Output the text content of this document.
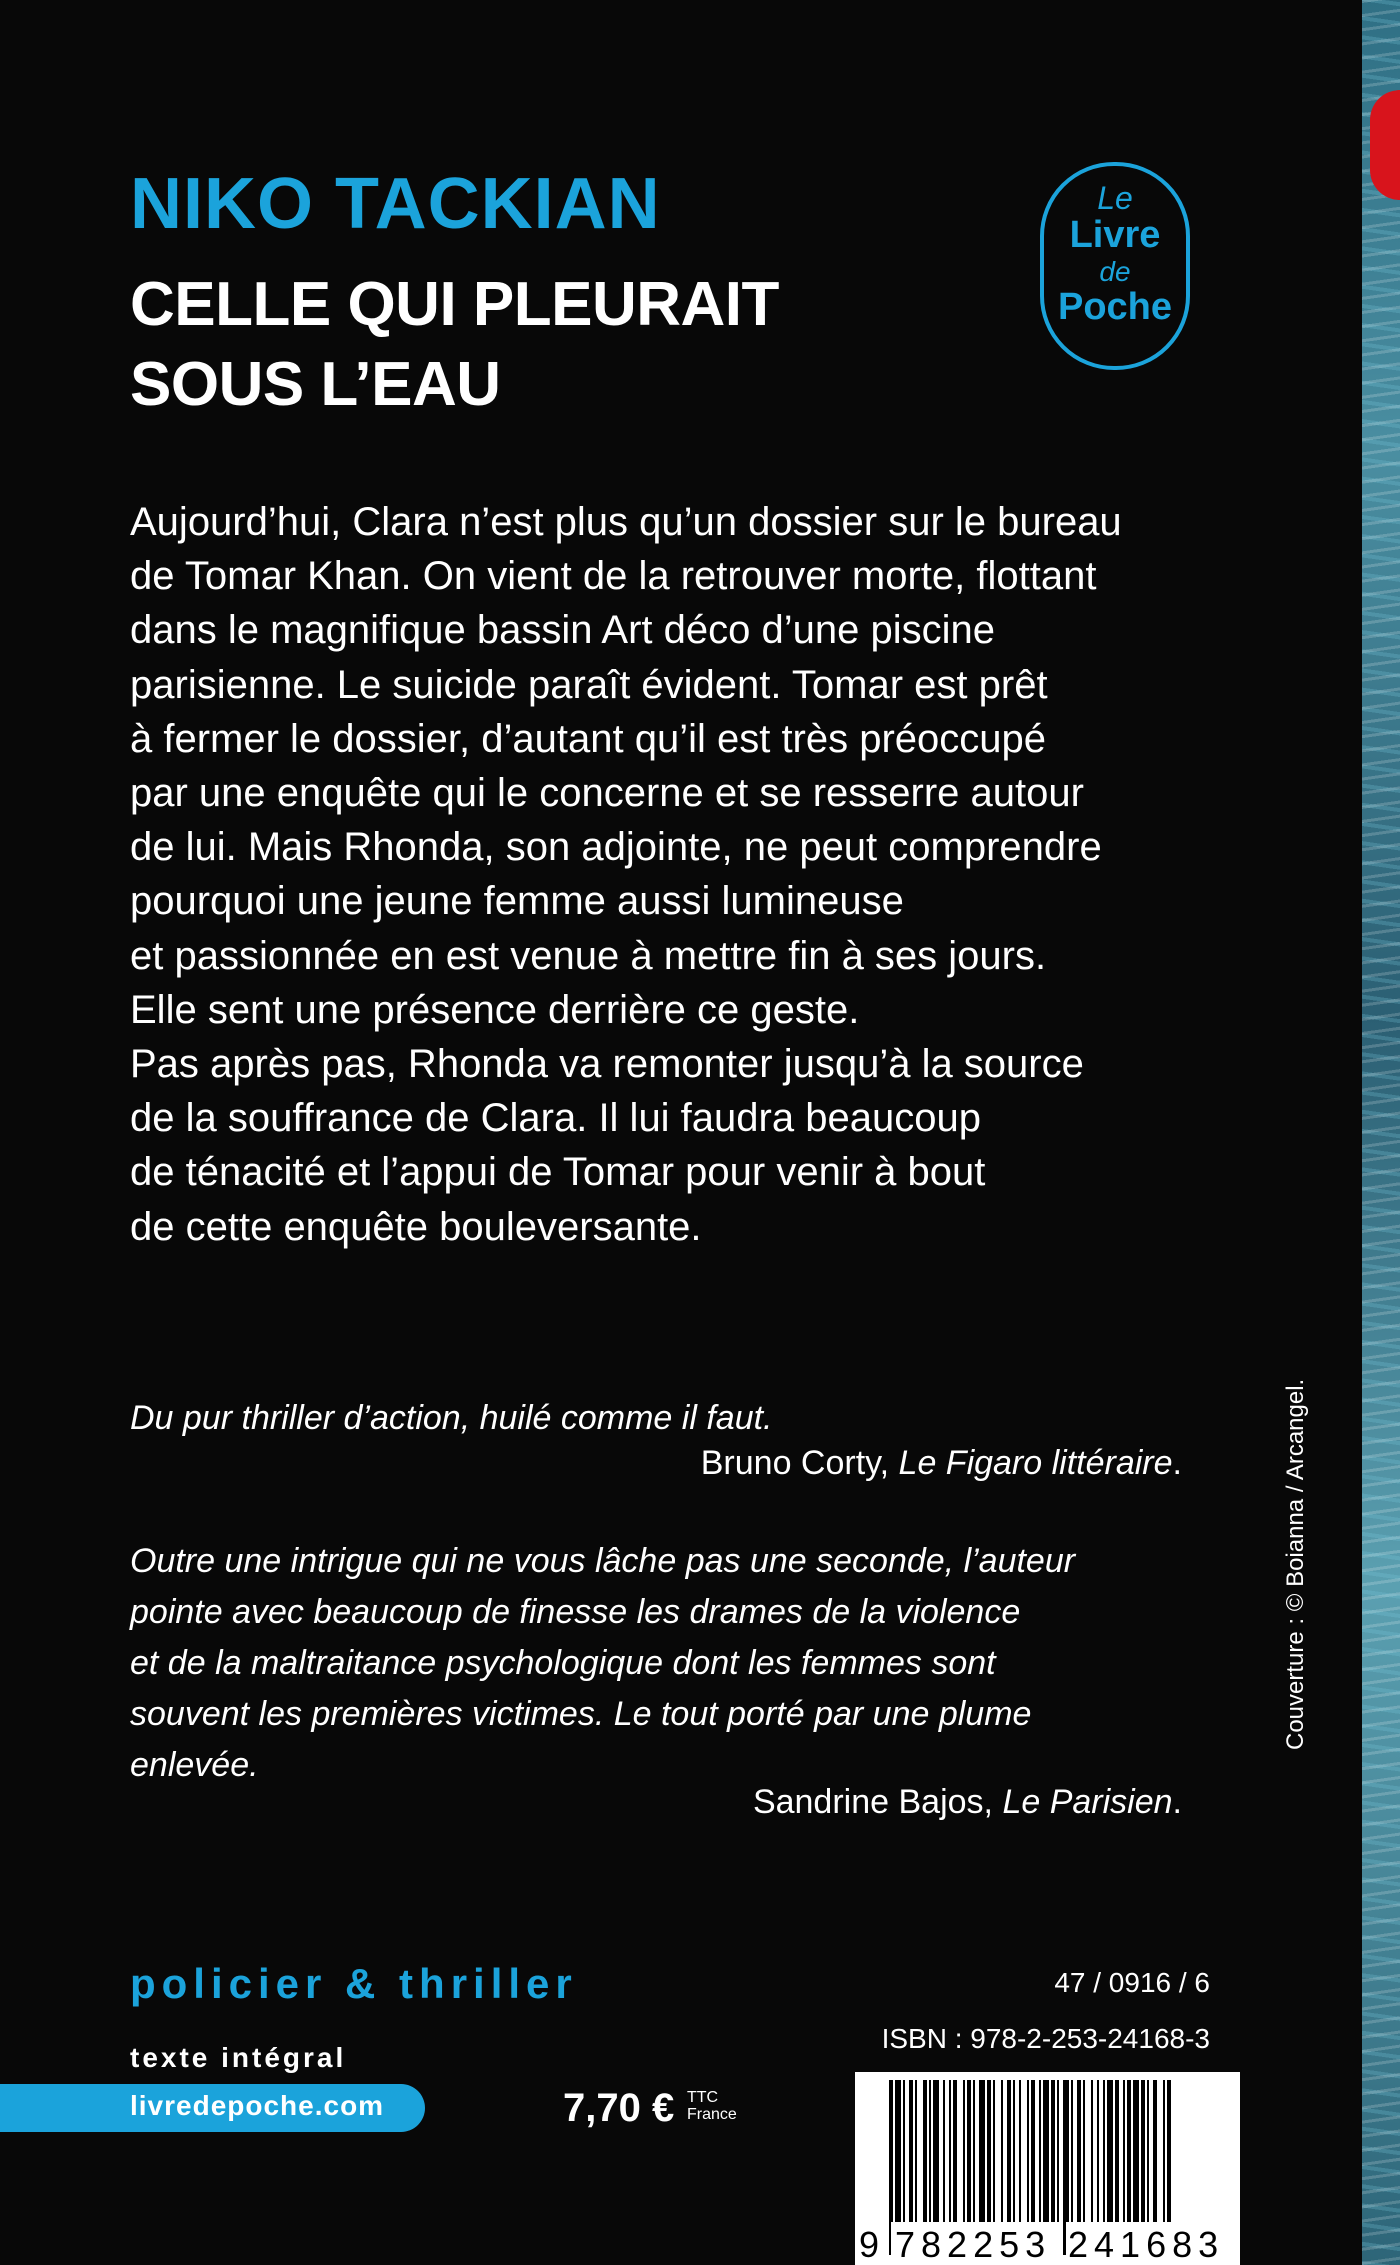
NIKO TACKIAN
CELLE QUI PLEURAIT
SOUS L’EAU
Le
Livre
de
Poche
Aujourd’hui, Clara n’est plus qu’un dossier sur le bureau
de Tomar Khan. On vient de la retrouver morte, flottant
dans le magnifique bassin Art déco d’une piscine
parisienne. Le suicide paraît évident. Tomar est prêt
à fermer le dossier, d’autant qu’il est très préoccupé
par une enquête qui le concerne et se resserre autour
de lui. Mais Rhonda, son adjointe, ne peut comprendre
pourquoi une jeune femme aussi lumineuse
et passionnée en est venue à mettre fin à ses jours.
Elle sent une présence derrière ce geste.
Pas après pas, Rhonda va remonter jusqu’à la source
de la souffrance de Clara. Il lui faudra beaucoup
de ténacité et l’appui de Tomar pour venir à bout
de cette enquête bouleversante.
Du pur thriller d’action, huilé comme il faut.
Bruno Corty, Le Figaro littéraire.
Outre une intrigue qui ne vous lâche pas une seconde, l’auteur
pointe avec beaucoup de finesse les drames de la violence
et de la maltraitance psychologique dont les femmes sont
souvent les premières victimes. Le tout porté par une plume
enlevée.
Sandrine Bajos, Le Parisien.
policier & thriller
texte intégral
livredepoche.com	7,70 € TTC
France
47 / 0916 / 6
ISBN : 978-2-253-24168-3
9 782253 241683
Couverture : © Boianna / Arcangel.
